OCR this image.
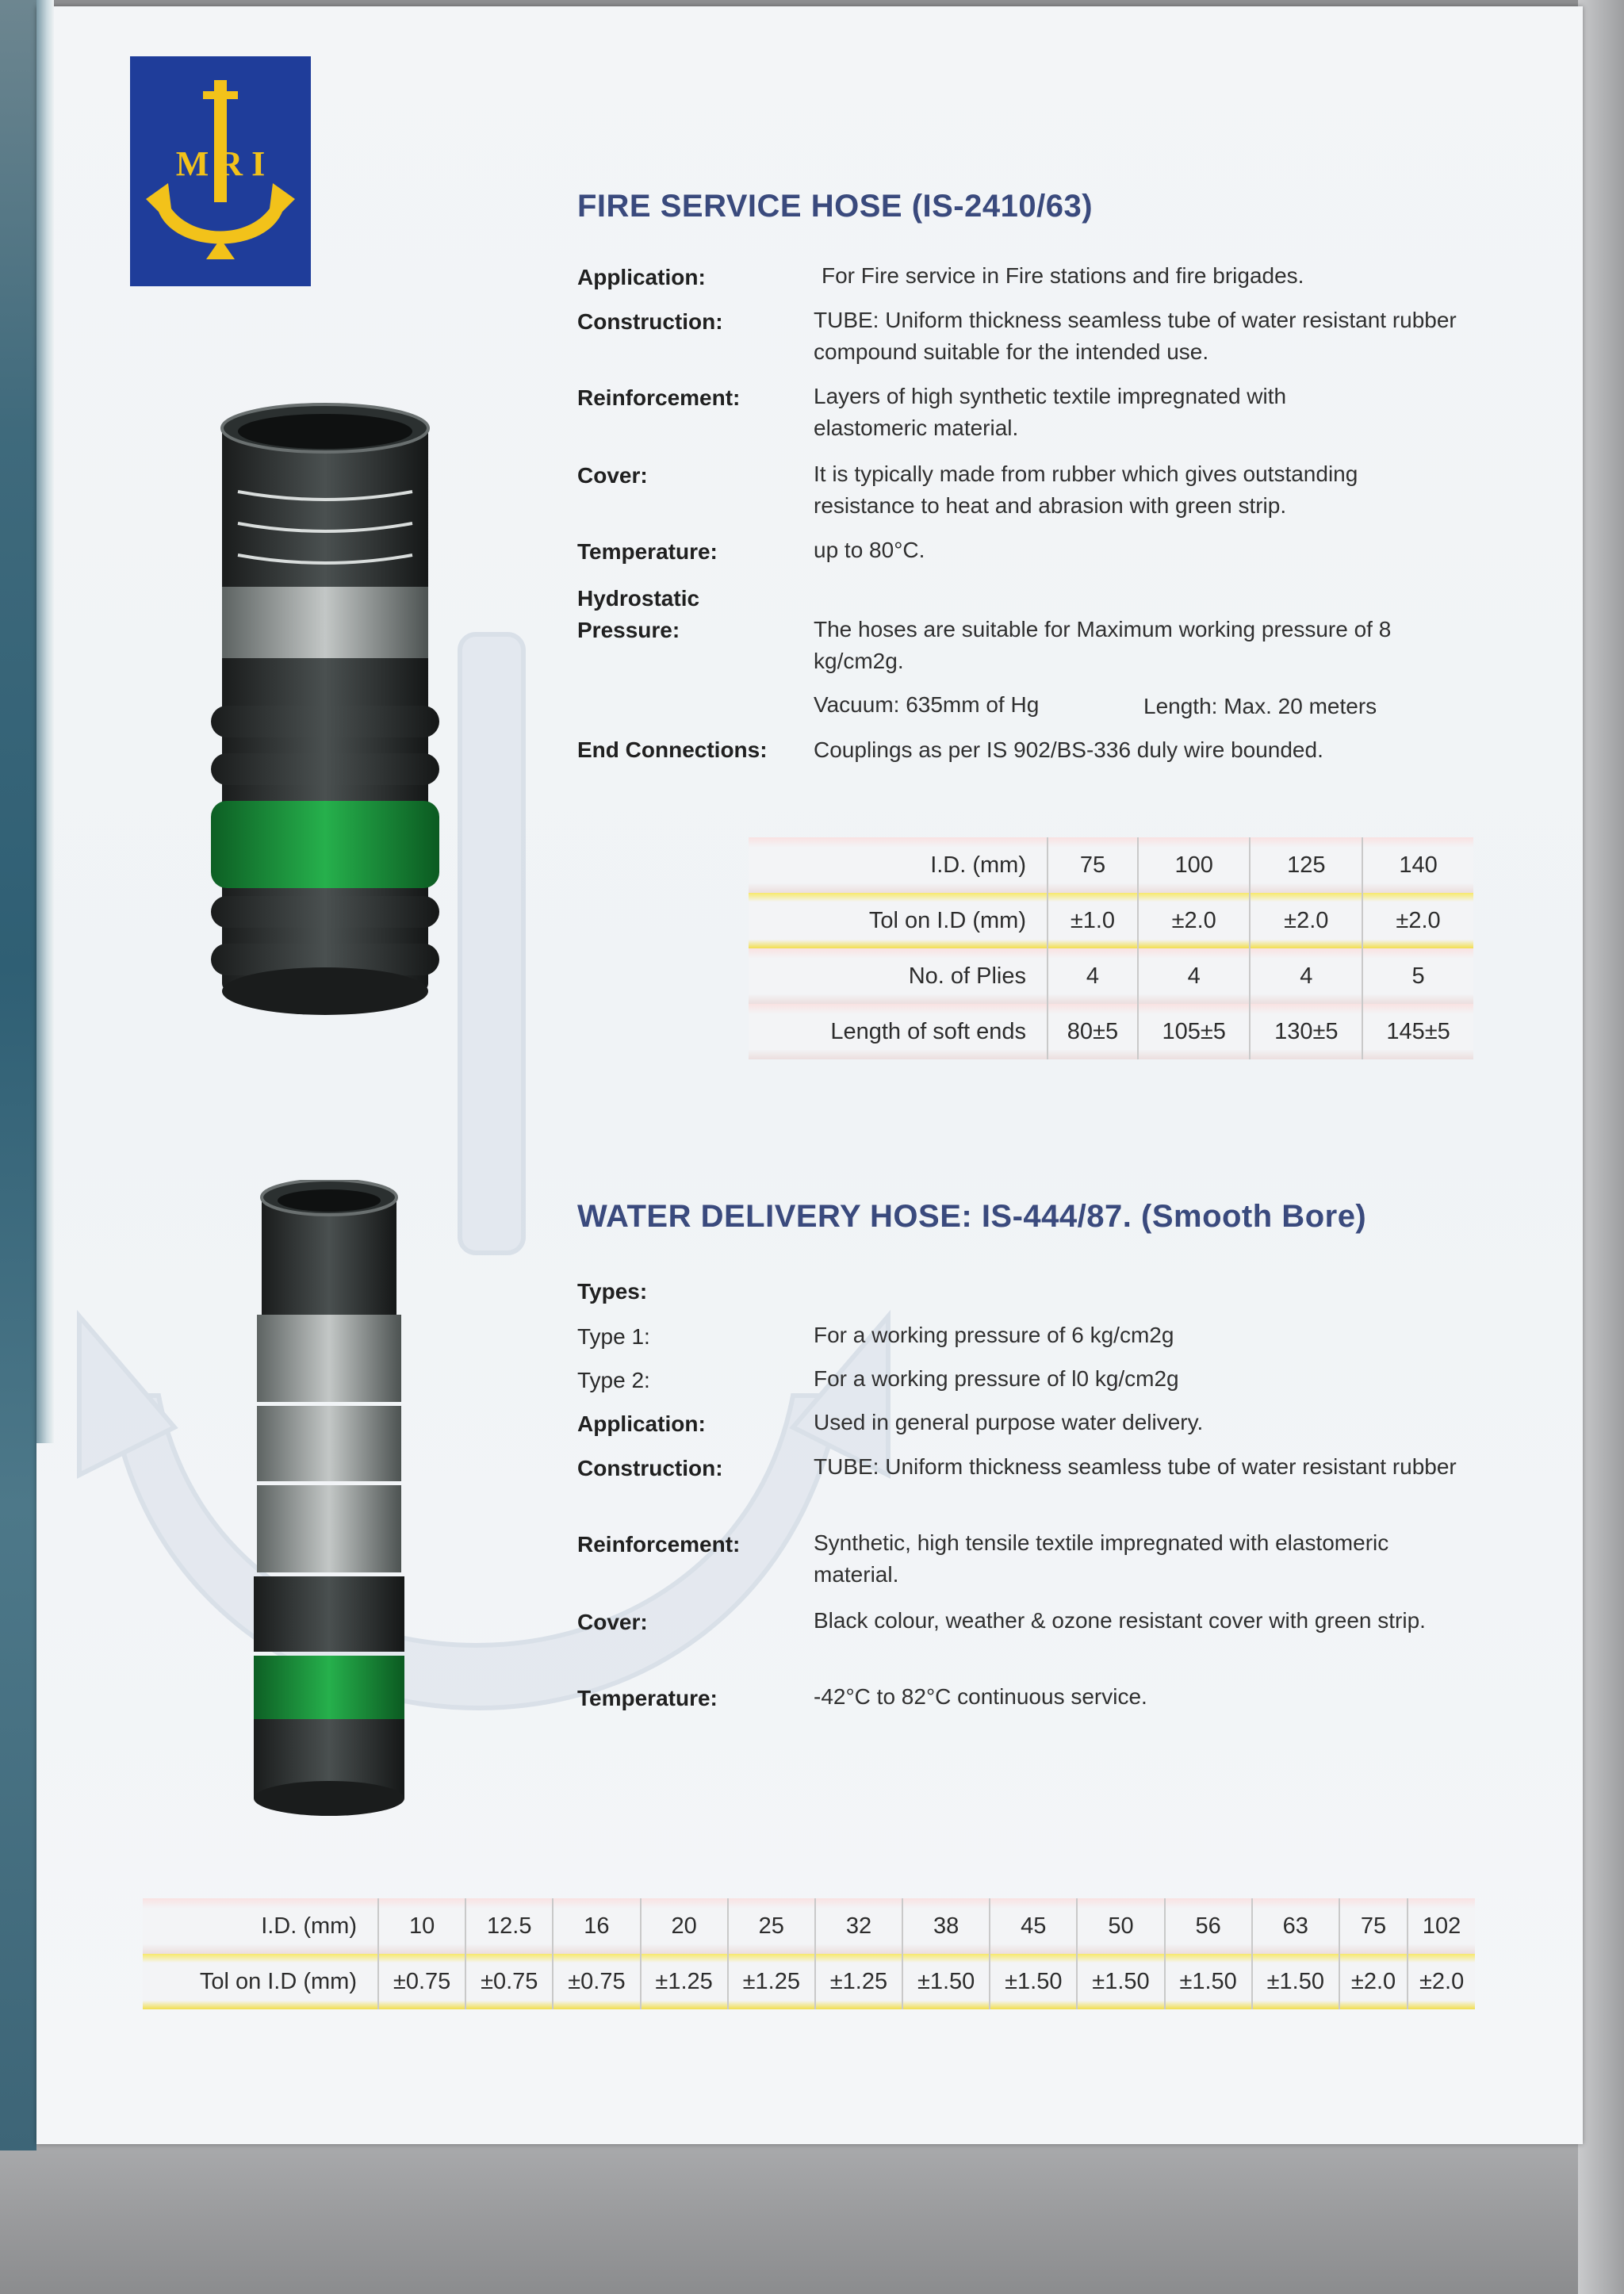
M R I
FIRE SERVICE HOSE (IS-2410/63)
Application:	For Fire service in Fire stations and fire brigades.
Construction:	TUBE: Uniform thickness seamless tube of water resistant rubber compound suitable for the intended use.
Reinforcement:	Layers of high synthetic textile impregnated with elastomeric material.
Cover:	It is typically made from rubber which gives outstanding resistance to heat and abrasion with green strip.
Temperature:	up to 80°C.
Hydrostatic Pressure:	The hoses are suitable for Maximum working pressure of 8 kg/cm2g.
Vacuum: 635mm of Hg	Length: Max. 20 meters
End Connections: Couplings as per IS 902/BS-336 duly wire bounded.
I.D. (mm)	75	100	125	140
Tol on I.D (mm)	±1.0	±2.0	±2.0	±2.0
No. of Plies	4	4	4	5
Length of soft ends	80±5	105±5	130±5	145±5
WATER DELIVERY HOSE: IS-444/87. (Smooth Bore)
Types:
Type 1:	For a working pressure of 6 kg/cm2g
Type 2:	For a working pressure of l0 kg/cm2g
Application:	Used in general purpose water delivery.
Construction:	TUBE: Uniform thickness seamless tube of water resistant rubber
Reinforcement:	Synthetic, high tensile textile impregnated with elastomeric material.
Cover:	Black colour, weather & ozone resistant cover with green strip.
Temperature:	-42°C to 82°C continuous service.
I.D. (mm)	10	12.5	16	20	25	32	38	45	50	56	63	75	102
Tol on I.D (mm)	±0.75	±0.75	±0.75	±1.25	±1.25	±1.25	±1.50	±1.50	±1.50	±1.50	±1.50	±2.0	±2.0
